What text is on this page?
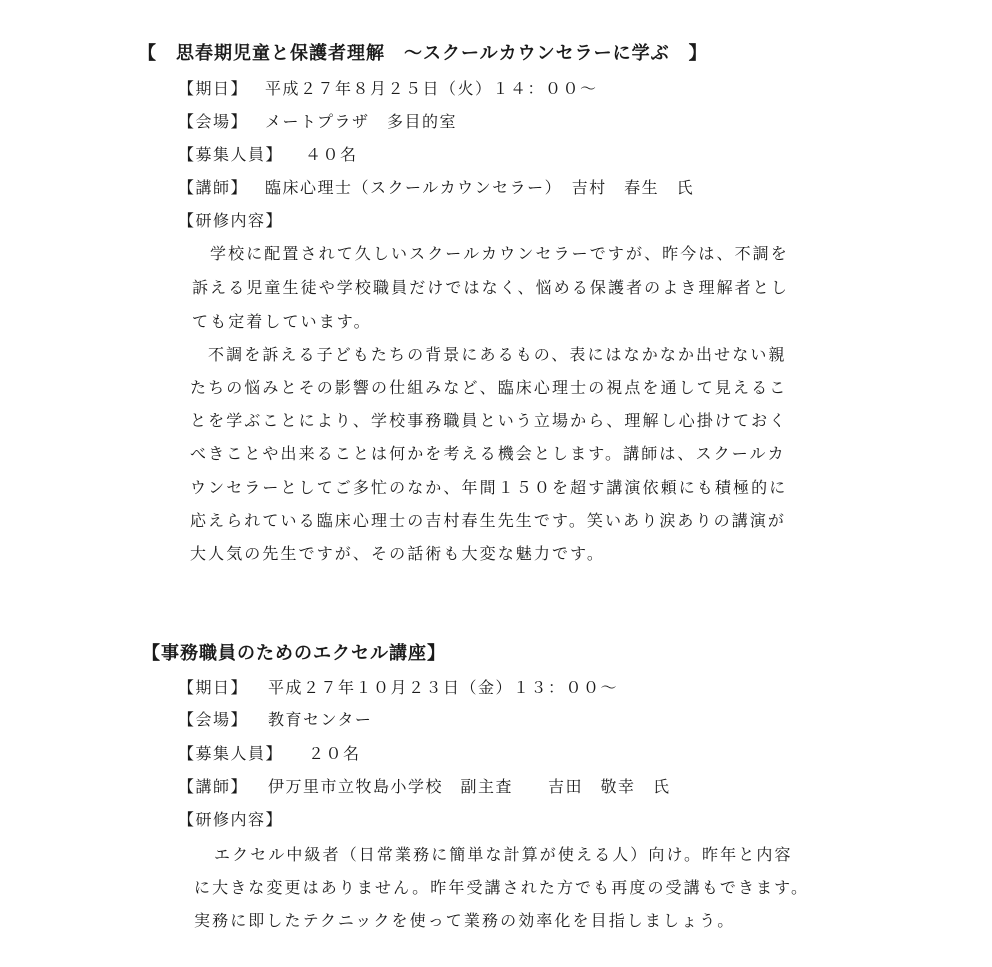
【　思春期児童と保護者理解　～スクールカウンセラーに学ぶ　】
【期日】 平成２７年８月２５日（火）１４：００～
【会場】 メートプラザ　多目的室
【募集人員】 ４０名
【講師】 臨床心理士（スクールカウンセラー）　吉村　春生　氏
【研修内容】
学校に配置されて久しいスクールカウンセラーですが、昨今は、不調を
訴える児童生徒や学校職員だけではなく、悩める保護者のよき理解者とし
ても定着しています。
不調を訴える子どもたちの背景にあるもの、表にはなかなか出せない親
たちの悩みとその影響の仕組みなど、臨床心理士の視点を通して見えるこ
とを学ぶことにより、学校事務職員という立場から、理解し心掛けておく
べきことや出来ることは何かを考える機会とします。講師は、スクールカ
ウンセラーとしてご多忙のなか、年間１５０を超す講演依頼にも積極的に
応えられている臨床心理士の吉村春生先生です。笑いあり涙ありの講演が
大人気の先生ですが、その話術も大変な魅力です。
【事務職員のためのエクセル講座】
【期日】 平成２７年１０月２３日（金）１３：００～
【会場】 教育センター
【募集人員】 ２０名
【講師】 伊万里市立牧島小学校　副主査　　吉田　敬幸　氏
【研修内容】
エクセル中級者（日常業務に簡単な計算が使える人）向け。昨年と内容
に大きな変更はありません。昨年受講された方でも再度の受講もできます。
実務に即したテクニックを使って業務の効率化を目指しましょう。
